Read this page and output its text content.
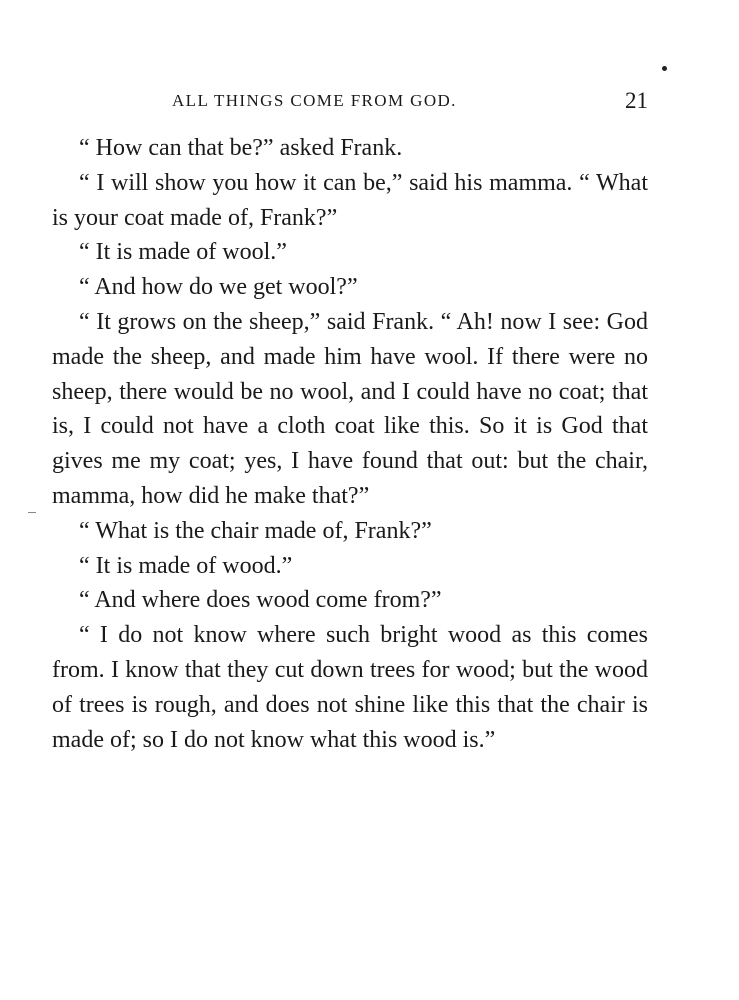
ALL THINGS COME FROM GOD.	21

“ How can that be?” asked Frank.

“ I will show you how it can be,” said his mamma. “ What is your coat made of, Frank?”

“ It is made of wool.”

“ And how do we get wool?”

“ It grows on the sheep,” said Frank. “ Ah! now I see: God made the sheep, and made him have wool. If there were no sheep, there would be no wool, and I could have no coat; that is, I could not have a cloth coat like this. So it is God that gives me my coat; yes, I have found that out: but the chair, mamma, how did he make that?”

“ What is the chair made of, Frank?”

“ It is made of wood.”

“ And where does wood come from?”

“ I do not know where such bright wood as this comes from. I know that they cut down trees for wood; but the wood of trees is rough, and does not shine like this that the chair is made of; so I do not know what this wood is.”
